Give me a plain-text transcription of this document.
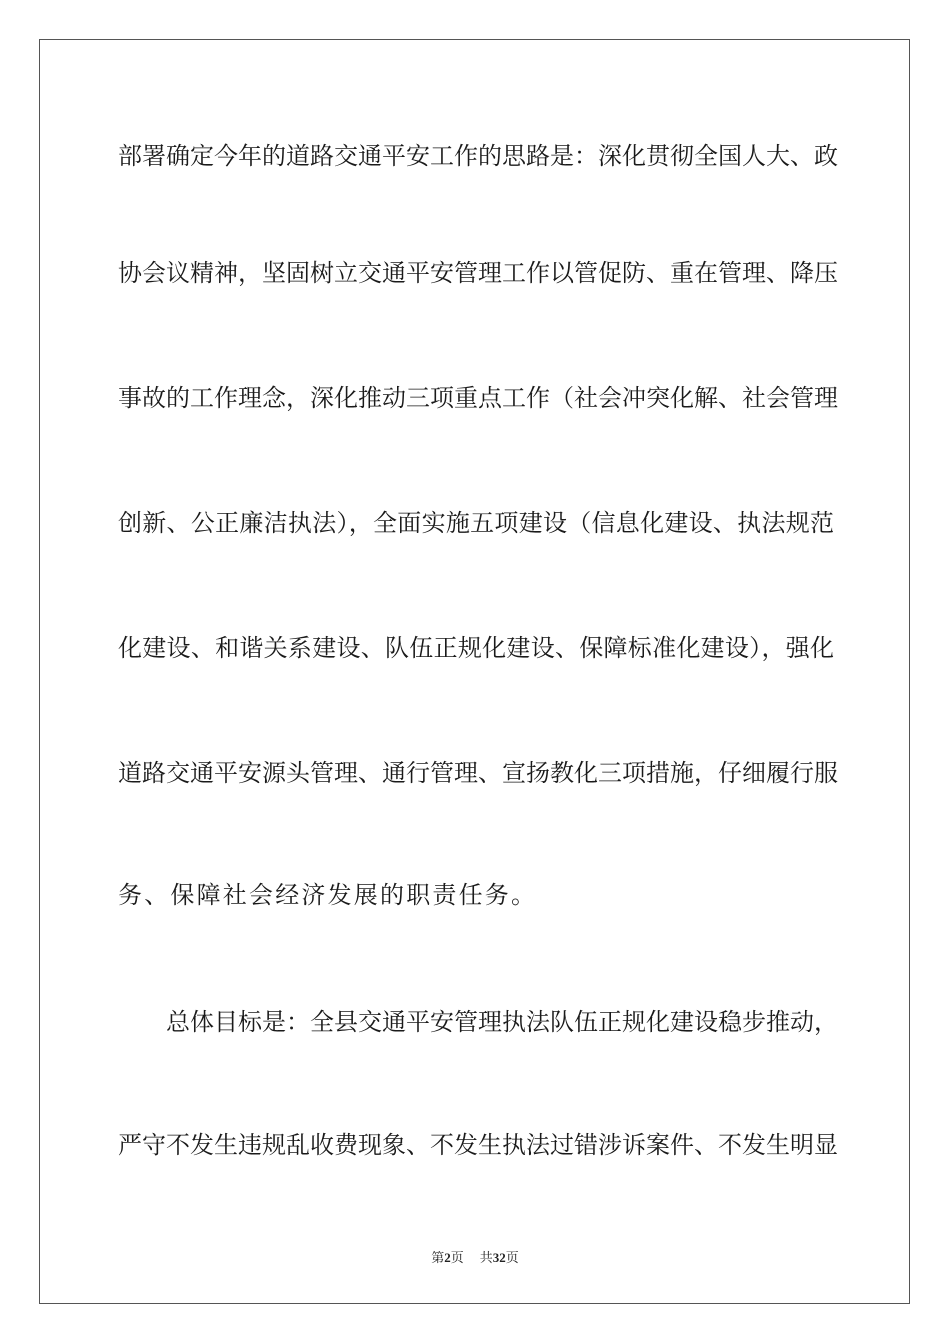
部署确定今年的道路交通平安工作的思路是：深化贯彻全国人大、政

协会议精神，坚固树立交通平安管理工作以管促防、重在管理、降压

事故的工作理念，深化推动三项重点工作（社会冲突化解、社会管理

创新、公正廉洁执法），全面实施五项建设（信息化建设、执法规范

化建设、和谐关系建设、队伍正规化建设、保障标准化建设），强化

道路交通平安源头管理、通行管理、宣扬教化三项措施，仔细履行服

务、保障社会经济发展的职责任务。

总体目标是：全县交通平安管理执法队伍正规化建设稳步推动，

严守不发生违规乱收费现象、不发生执法过错涉诉案件、不发生明显

第2页 共32页
